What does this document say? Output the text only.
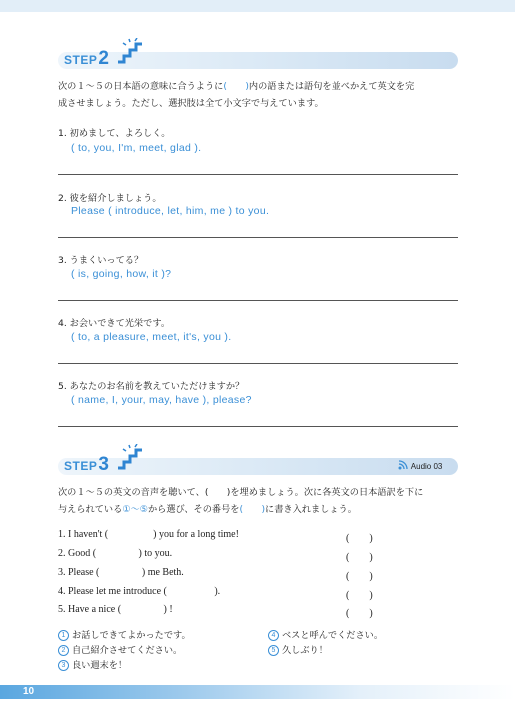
STEP2
次の１～５の日本語の意味に合うように(　　)内の語または語句を並べかえて英文を完
成させましょう。ただし、選択肢は全て小文字で与えています。
1. 初めまして、よろしく。
( to, you, I'm, meet, glad ).
2. 彼を紹介しましょう。
Please ( introduce, let, him, me ) to you.
3. うまくいってる？
( is, going, how, it )?
4. お会いできて光栄です。
( to, a pleasure, meet, it's, you ).
5. あなたのお名前を教えていただけますか？
( name, I, your, may, have ), please?
STEP3	Audio 03
次の１～５の英文の音声を聴いて、(　　)を埋めましょう。次に各英文の日本語訳を下に
与えられている①～⑤から選び、その番号を(　　)に書き入れましょう。
1. I haven't (                  ) you for a long time!	(　　)
2. Good (                 ) to you.	(　　)
3. Please (                 ) me Beth.	(　　)
4. Please let me introduce (                   ).	(　　)
5. Have a nice (                 ) !	(　　)
1 お話しできてよかったです。
2 自己紹介させてください。
3 良い週末を！
4 ベスと呼んでください。
5 久しぶり！
10
